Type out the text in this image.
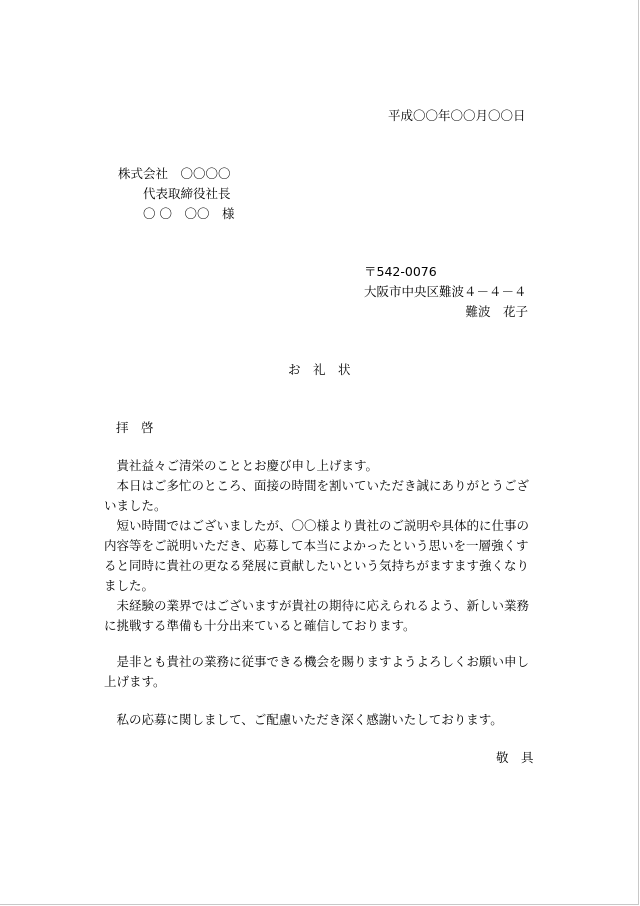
平成〇〇年〇〇月〇〇日
株式会社　〇〇〇〇
代表取締役社長
〇 〇　〇〇　様
〒542-0076
大阪市中央区難波４－４－４
難波　花子
お　礼　状
拝　啓

　貴社益々ご清栄のこととお慶び申し上げます。

　本日はご多忙のところ、面接の時間を割いていただき誠にありがとうござ

いました。

　短い時間ではございましたが、〇〇様より貴社のご説明や具体的に仕事の

内容等をご説明いただき、応募して本当によかったという思いを一層強くす

ると同時に貴社の更なる発展に貢献したいという気持ちがますます強くなり

ました。

　未経験の業界ではございますが貴社の期待に応えられるよう、新しい業務

に挑戦する準備も十分出来ていると確信しております。

　是非とも貴社の業務に従事できる機会を賜りますようよろしくお願い申し

上げます。

　私の応募に関しまして、ご配慮いただき深く感謝いたしております。

敬　具
